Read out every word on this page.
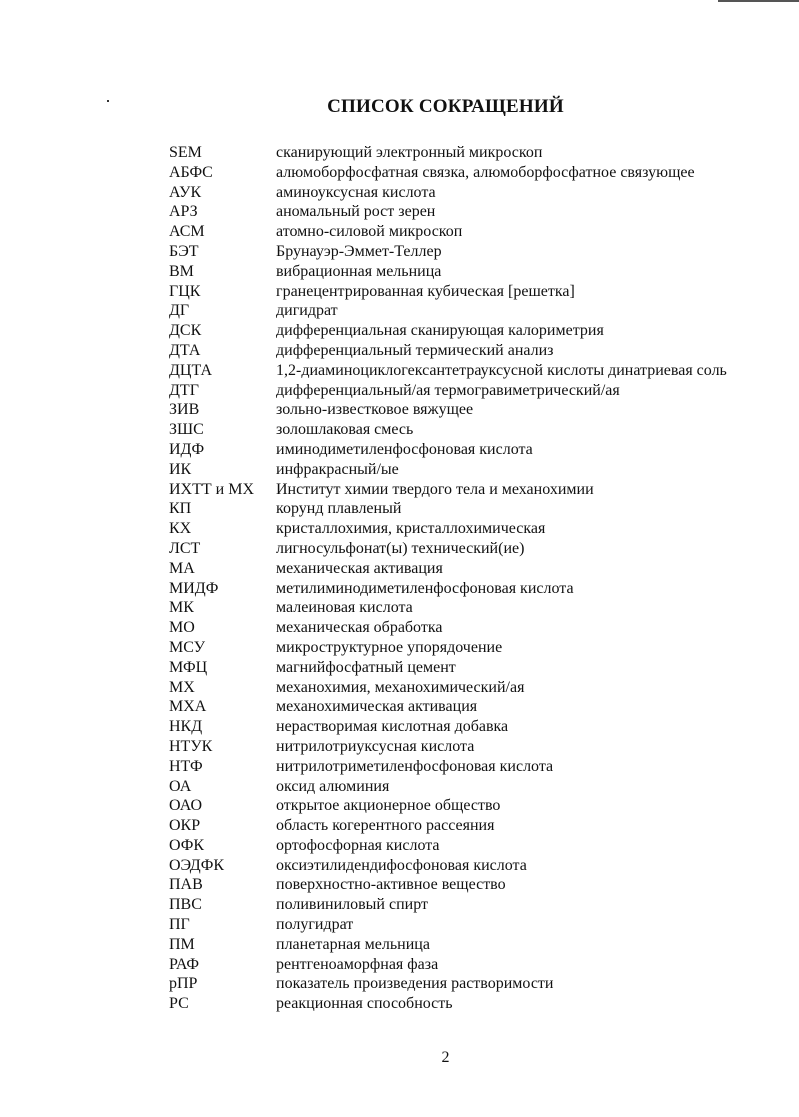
СПИСОК СОКРАЩЕНИЙ
SEM	сканирующий электронный микроскоп
АБФС	алюмоборфосфатная связка, алюмоборфосфатное связующее
АУК	аминоуксусная кислота
АРЗ	аномальный рост зерен
АСМ	атомно-силовой микроскоп
БЭТ	Брунауэр-Эммет-Теллер
ВМ	вибрационная мельница
ГЦК	гранецентрированная кубическая [решетка]
ДГ	дигидрат
ДСК	дифференциальная сканирующая калориметрия
ДТА	дифференциальный термический анализ
ДЦТА	1,2-диаминоциклогексантетрауксусной кислоты динатриевая соль
ДТГ	дифференциальный/ая термогравиметрический/ая
ЗИВ	зольно-известковое вяжущее
ЗШС	золошлаковая смесь
ИДФ	иминодиметиленфосфоновая кислота
ИК	инфракрасный/ые
ИХТТ и МХ	Институт химии твердого тела и механохимии
КП	корунд плавленый
КХ	кристаллохимия, кристаллохимическая
ЛСТ	лигносульфонат(ы) технический(ие)
МА	механическая активация
МИДФ	метилиминодиметиленфосфоновая кислота
МК	малеиновая кислота
МО	механическая обработка
МСУ	микроструктурное упорядочение
МФЦ	магнийфосфатный цемент
МХ	механохимия, механохимический/ая
МХА	механохимическая активация
НКД	нерастворимая кислотная добавка
НТУК	нитрилотриуксусная кислота
НТФ	нитрилотриметиленфосфоновая кислота
ОА	оксид алюминия
ОАО	открытое акционерное общество
ОКР	область когерентного рассеяния
ОФК	ортофосфорная кислота
ОЭДФК	оксиэтилидендифосфоновая кислота
ПАВ	поверхностно-активное вещество
ПВС	поливиниловый спирт
ПГ	полугидрат
ПМ	планетарная мельница
РАФ	рентгеноаморфная фаза
рПР	показатель произведения растворимости
РС	реакционная способность
2
